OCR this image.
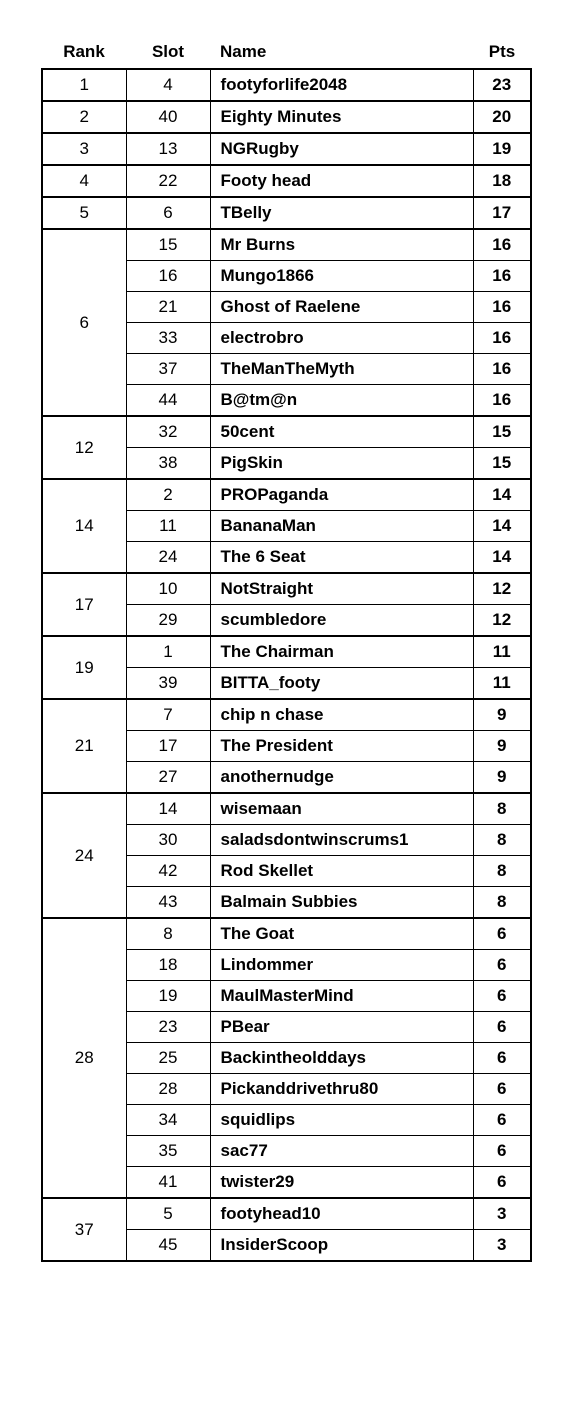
Rank	Slot	Name	Pts
1	4	footyforlife2048	23
2	40	Eighty Minutes	20
3	13	NGRugby	19
4	22	Footy head	18
5	6	TBelly	17
6	15	Mr Burns	16
	16	Mungo1866	16
	21	Ghost of Raelene	16
	33	electrobro	16
	37	TheManTheMyth	16
	44	B@tm@n	16
12	32	50cent	15
	38	PigSkin	15
14	2	PROPaganda	14
	11	BananaMan	14
	24	The 6 Seat	14
17	10	NotStraight	12
	29	scumbledore	12
19	1	The Chairman	11
	39	BITTA_footy	11
21	7	chip n chase	9
	17	The President	9
	27	anothernudge	9
24	14	wisemaan	8
	30	saladsdontwinscrums1	8
	42	Rod Skellet	8
	43	Balmain Subbies	8
28	8	The Goat	6
	18	Lindommer	6
	19	MaulMasterMind	6
	23	PBear	6
	25	Backintheolddays	6
	28	Pickanddrivethru80	6
	34	squidlips	6
	35	sac77	6
	41	twister29	6
37	5	footyhead10	3
	45	InsiderScoop	3
